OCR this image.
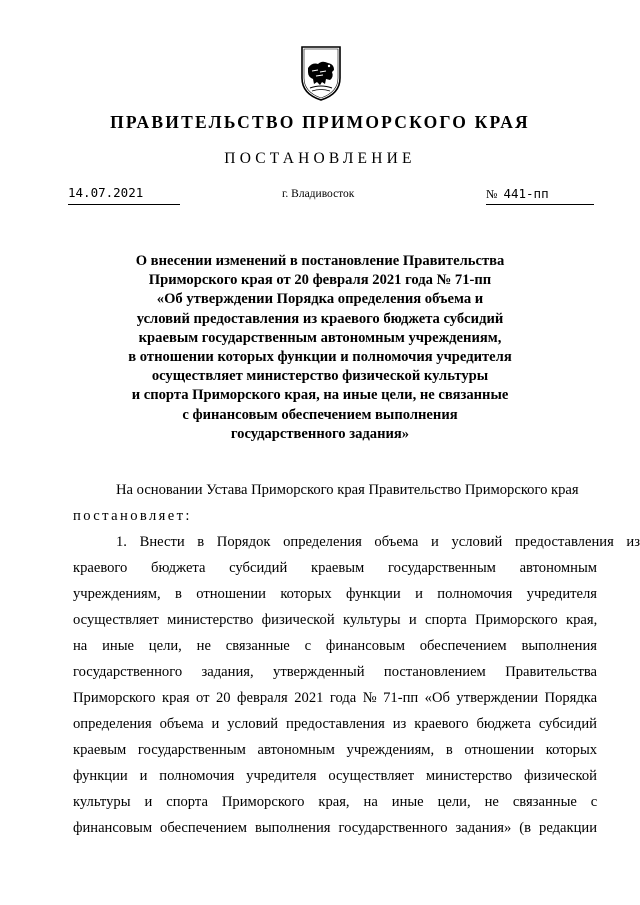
ПРАВИТЕЛЬСТВО ПРИМОРСКОГО КРАЯ
ПОСТАНОВЛЕНИЕ
14.07.2021	г. Владивосток	№ 441-пп
О внесении изменений в постановление Правительства
Приморского края от 20 февраля 2021 года № 71-пп
«Об утверждении Порядка определения объема и
условий предоставления из краевого бюджета субсидий
краевым государственным автономным учреждениям,
в отношении которых функции и полномочия учредителя
осуществляет министерство физической культуры
и спорта Приморского края, на иные цели, не связанные
с финансовым обеспечением выполнения
государственного задания»
На основании Устава Приморского края Правительство Приморского края
постановляет:
1. Внести в Порядок определения объема и условий предоставления из
краевого бюджета субсидий краевым государственным автономным
учреждениям, в отношении которых функции и полномочия учредителя
осуществляет министерство физической культуры и спорта Приморского края,
на иные цели, не связанные с финансовым обеспечением выполнения
государственного задания, утвержденный постановлением Правительства
Приморского края от 20 февраля 2021 года № 71-пп «Об утверждении Порядка
определения объема и условий предоставления из краевого бюджета субсидий
краевым государственным автономным учреждениям, в отношении которых
функции и полномочия учредителя осуществляет министерство физической
культуры и спорта Приморского края, на иные цели, не связанные с
финансовым обеспечением выполнения государственного задания» (в редакции
